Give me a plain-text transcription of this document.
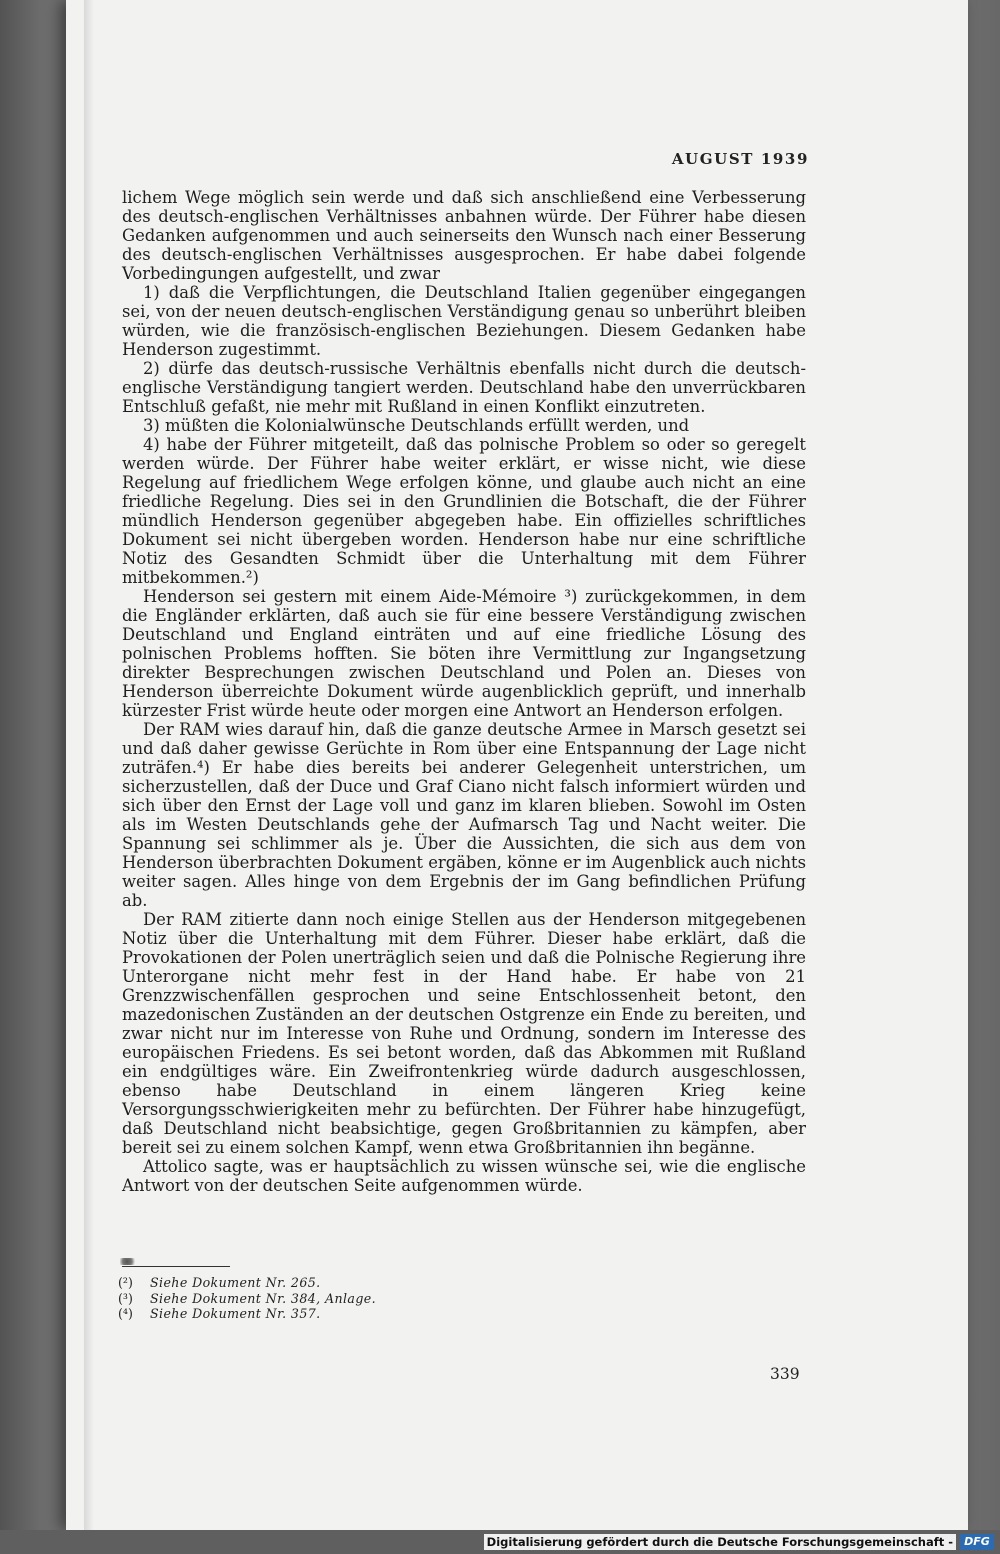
AUGUST 1939

lichem Wege möglich sein werde und daß sich anschließend eine Verbesserung des deutsch-englischen Verhältnisses anbahnen würde. Der Führer habe diesen Gedanken aufgenommen und auch seinerseits den Wunsch nach einer Besserung des deutsch-englischen Verhältnisses ausgesprochen. Er habe dabei folgende Vorbedingungen aufgestellt, und zwar

1) daß die Verpflichtungen, die Deutschland Italien gegenüber eingegangen sei, von der neuen deutsch-englischen Verständigung genau so unberührt bleiben würden, wie die französisch-englischen Beziehungen. Diesem Gedanken habe Henderson zugestimmt.

2) dürfe das deutsch-russische Verhältnis ebenfalls nicht durch die deutsch-englische Verständigung tangiert werden. Deutschland habe den unverrückbaren Entschluß gefaßt, nie mehr mit Rußland in einen Konflikt einzutreten.

3) müßten die Kolonialwünsche Deutschlands erfüllt werden, und

4) habe der Führer mitgeteilt, daß das polnische Problem so oder so geregelt werden würde. Der Führer habe weiter erklärt, er wisse nicht, wie diese Regelung auf friedlichem Wege erfolgen könne, und glaube auch nicht an eine friedliche Regelung. Dies sei in den Grundlinien die Botschaft, die der Führer mündlich Henderson gegenüber abgegeben habe. Ein offizielles schriftliches Dokument sei nicht übergeben worden. Henderson habe nur eine schriftliche Notiz des Gesandten Schmidt über die Unterhaltung mit dem Führer mitbekommen.²)

Henderson sei gestern mit einem Aide-Mémoire ³) zurückgekommen, in dem die Engländer erklärten, daß auch sie für eine bessere Verständigung zwischen Deutschland und England einträten und auf eine friedliche Lösung des polnischen Problems hofften. Sie böten ihre Vermittlung zur Ingangsetzung direkter Besprechungen zwischen Deutschland und Polen an. Dieses von Henderson überreichte Dokument würde augenblicklich geprüft, und innerhalb kürzester Frist würde heute oder morgen eine Antwort an Henderson erfolgen.

Der RAM wies darauf hin, daß die ganze deutsche Armee in Marsch gesetzt sei und daß daher gewisse Gerüchte in Rom über eine Entspannung der Lage nicht zuträfen.⁴) Er habe dies bereits bei anderer Gelegenheit unterstrichen, um sicherzustellen, daß der Duce und Graf Ciano nicht falsch informiert würden und sich über den Ernst der Lage voll und ganz im klaren blieben. Sowohl im Osten als im Westen Deutschlands gehe der Aufmarsch Tag und Nacht weiter. Die Spannung sei schlimmer als je. Über die Aussichten, die sich aus dem von Henderson überbrachten Dokument ergäben, könne er im Augenblick auch nichts weiter sagen. Alles hinge von dem Ergebnis der im Gang befindlichen Prüfung ab.

Der RAM zitierte dann noch einige Stellen aus der Henderson mitgegebenen Notiz über die Unterhaltung mit dem Führer. Dieser habe erklärt, daß die Provokationen der Polen unerträglich seien und daß die Polnische Regierung ihre Unterorgane nicht mehr fest in der Hand habe. Er habe von 21 Grenzzwischenfällen gesprochen und seine Entschlossenheit betont, den mazedonischen Zuständen an der deutschen Ostgrenze ein Ende zu bereiten, und zwar nicht nur im Interesse von Ruhe und Ordnung, sondern im Interesse des europäischen Friedens. Es sei betont worden, daß das Abkommen mit Rußland ein endgültiges wäre. Ein Zweifrontenkrieg würde dadurch ausgeschlossen, ebenso habe Deutschland in einem längeren Krieg keine Versorgungsschwierigkeiten mehr zu befürchten. Der Führer habe hinzugefügt, daß Deutschland nicht beabsichtige, gegen Großbritannien zu kämpfen, aber bereit sei zu einem solchen Kampf, wenn etwa Großbritannien ihn begänne.

Attolico sagte, was er hauptsächlich zu wissen wünsche sei, wie die englische Antwort von der deutschen Seite aufgenommen würde.

(²)	Siehe Dokument Nr. 265.
(³)	Siehe Dokument Nr. 384, Anlage.
(⁴)	Siehe Dokument Nr. 357.
339
Digitalisierung gefördert durch die Deutsche Forschungsgemeinschaft -	DFG
